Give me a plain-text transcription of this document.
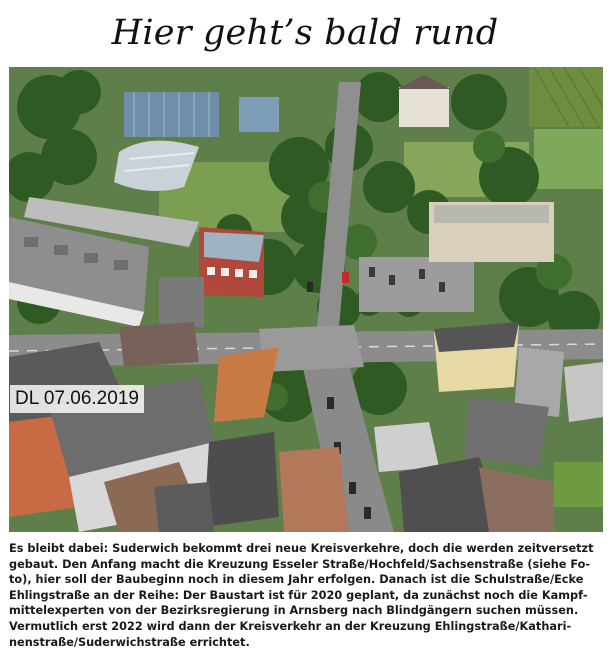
Hier geht’s bald rund
DL 07.06.2019

Es bleibt dabei: Suderwich bekommt drei neue Kreisverkehre, doch die werden zeitversetzt
gebaut. Den Anfang macht die Kreuzung Esseler Straße/Hochfeld/Sachsenstraße (siehe Fo-
to), hier soll der Baubeginn noch in diesem Jahr erfolgen. Danach ist die Schulstraße/Ecke
Ehlingstraße an der Reihe: Der Baustart ist für 2020 geplant, da zunächst noch die Kampf-
mittelexperten von der Bezirksregierung in Arnsberg nach Blindgängern suchen müssen.
Vermutlich erst 2022 wird dann der Kreisverkehr an der Kreuzung Ehlingstraße/Kathari-
nenstraße/Suderwichstraße errichtet.
